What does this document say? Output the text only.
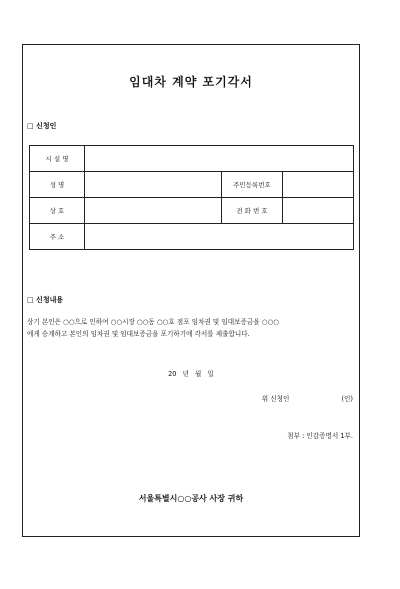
임대차 계약 포기각서
□ 신청인
시 설 명			
성 명		주민등록번호	
상 호		전 화 번 호	
주 소			
□ 신청내용
상기 본인은 ○○으로 인하여 ○○시장 ○○동 ○○호 점포 임차권 및 임대보증금을 ○○○
에게 승계하고 본인의 임차권 및 임대보증금을 포기하기에 각서를 제출합니다.
20 년 월 일
위 신청인	(인)
첨부 : 인감증명서 1부.
서울특별시○○공사 사장 귀하
